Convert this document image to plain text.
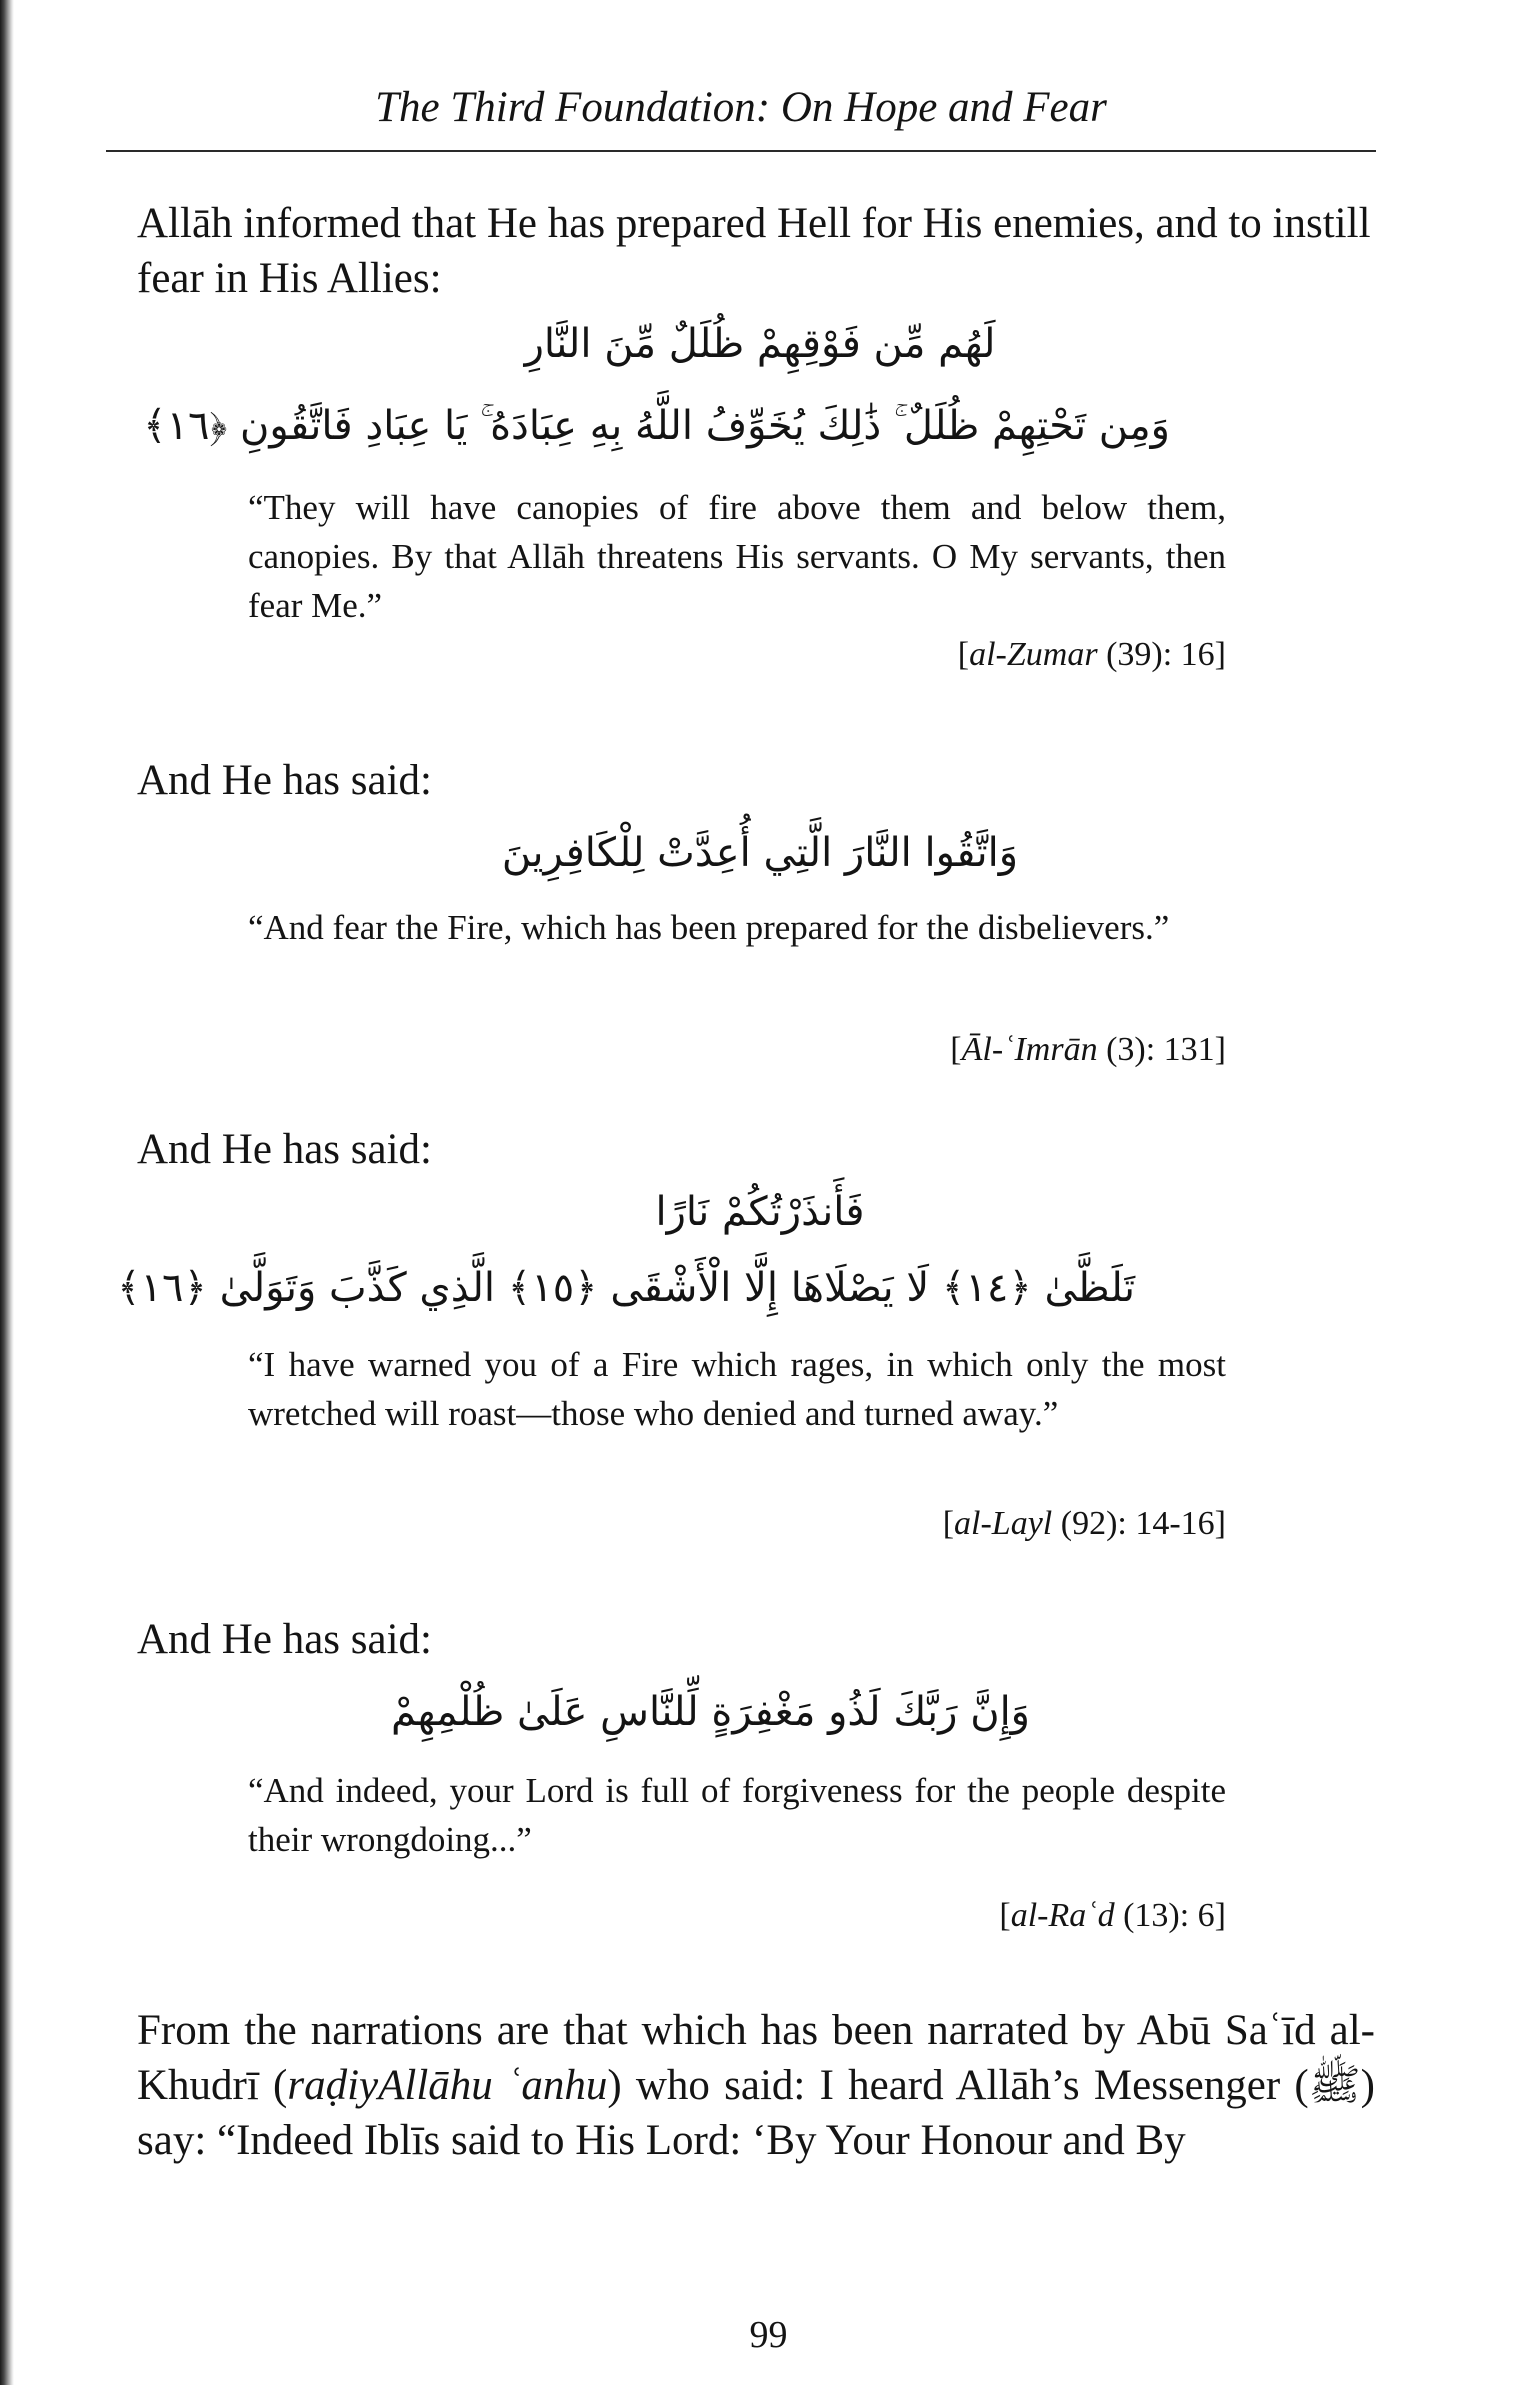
The Third Foundation: On Hope and Fear

Allāh informed that He has prepared Hell for His enemies, and to instill fear in His Allies:

لَهُم مِّن فَوْقِهِمْ ظُلَلٌ مِّنَ النَّارِ
وَمِن تَحْتِهِمْ ظُلَلٌ ۚ ذَٰلِكَ يُخَوِّفُ اللَّهُ بِهِ عِبَادَهُ ۚ يَا عِبَادِ فَاتَّقُونِ ﴿١٦﴾

“They will have canopies of fire above them and below them, canopies. By that Allāh threatens His servants. O My servants, then fear Me.”

[al-Zumar (39): 16]

And He has said:

وَاتَّقُوا النَّارَ الَّتِي أُعِدَّتْ لِلْكَافِرِينَ

“And fear the Fire, which has been prepared for the disbelievers.”

[Āl-ʿImrān (3): 131]

And He has said:

فَأَنذَرْتُكُمْ نَارًا
تَلَظَّىٰ ﴿١٤﴾ لَا يَصْلَاهَا إِلَّا الْأَشْقَى ﴿١٥﴾ الَّذِي كَذَّبَ وَتَوَلَّىٰ ﴿١٦﴾

“I have warned you of a Fire which rages, in which only the most wretched will roast—those who denied and turned away.”

[al-Layl (92): 14-16]

And He has said:

وَإِنَّ رَبَّكَ لَذُو مَغْفِرَةٍ لِّلنَّاسِ عَلَىٰ ظُلْمِهِمْ

“And indeed, your Lord is full of forgiveness for the people despite their wrongdoing...”

[al-Raʿd (13): 6]

From the narrations are that which has been narrated by Abū Saʿīd al-Khudrī (raḍiyAllāhu ʿanhu) who said: I heard Allāh’s Messenger (ﷺ) say: “Indeed Iblīs said to His Lord: ‘By Your Honour and By

99
